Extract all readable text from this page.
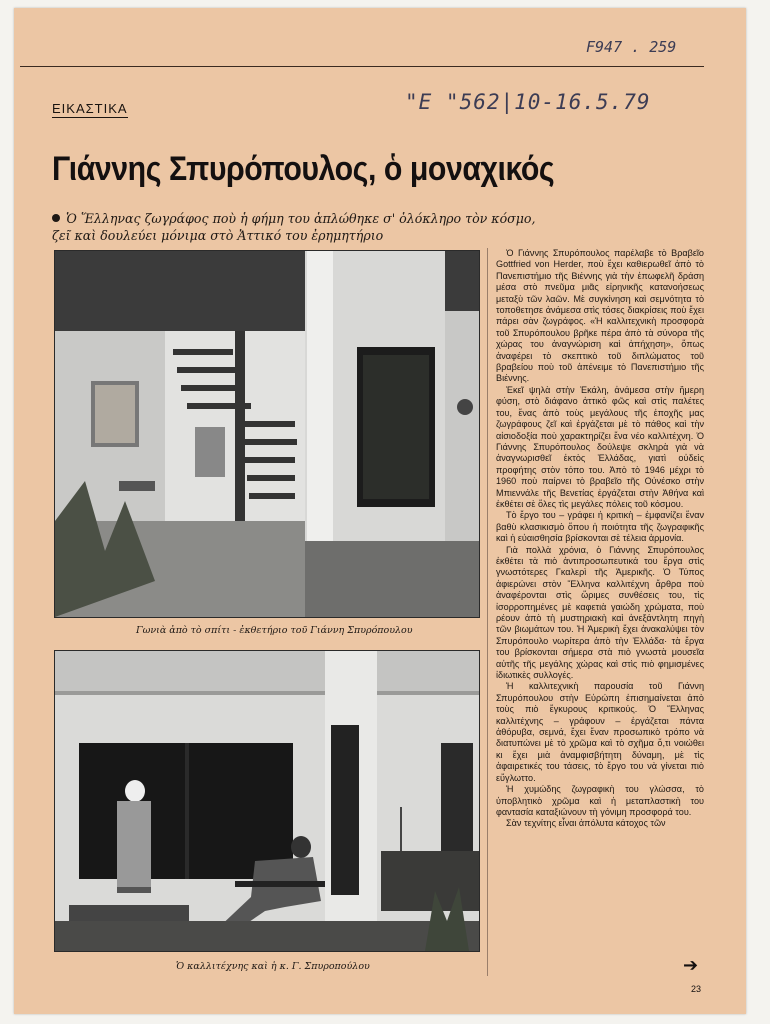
F947 . 259
"E "562|10-16.5.79
ΕΙΚΑΣΤΙΚΑ
Γιάννης Σπυρόπουλος, ὁ μοναχικός
Ὁ Ἕλληνας ζωγράφος ποὺ ἡ φήμη του ἁπλώθηκε σ' ὁλόκληρο τὸν κόσμο, ζεῖ καὶ δουλεύει μόνιμα στὸ Ἀττικό του ἐρημητήριο
Γωνιὰ ἀπὸ τὸ σπίτι - ἐκθετήριο τοῦ Γιάννη Σπυρόπουλου
Ὁ καλλιτέχνης καὶ ἡ κ. Γ. Σπυροπούλου

Ὁ Γιάννης Σπυρόπουλος παρέλαβε τὸ Βραβεῖο Gottfried von Herder, ποὺ ἔχει καθιερωθεῖ ἀπὸ τὸ Πανεπιστήμιο τῆς Βιέννης γιὰ τὴν ἐπωφελῆ δράση μέσα στὸ πνεῦμα μιᾶς εἰρηνικῆς κατανοήσεως μεταξὺ τῶν λαῶν. Μὲ συγκίνηση καὶ σεμνότητα τὸ τοποθετησε ἀνάμεσα στὶς τόσες διακρίσεις ποὺ ἔχει πάρει σὰν ζωγράφος. «Ἡ καλλιτεχνικὴ προσφορὰ τοῦ Σπυρόπουλου βρῆκε πέρα ἀπὸ τὰ σύνορα τῆς χώρας του ἀναγνώριση καὶ ἀπήχηση», ὅπως ἀναφέρει τὸ σκεπτικὸ τοῦ διπλώματος τοῦ βραβείου ποὺ τοῦ ἀπένειμε τὸ Πανεπιστήμιο τῆς Βιέννης.

Ἐκεῖ ψηλὰ στὴν Ἑκάλη, ἀνάμεσα στὴν ἥμερη φύση, στὸ διάφανο ἀττικὸ φῶς καὶ στὶς παλέτες του, ἕνας ἀπὸ τοὺς μεγάλους τῆς ἐποχῆς μας ζωγράφους ζεῖ καὶ ἐργάζεται μὲ τὸ πάθος καὶ τὴν αἰσιοδοξία ποὺ χαρακτηρίζει ἕνα νέο καλλιτέχνη. Ὁ Γιάννης Σπυρόπουλος δούλεψε σκληρὰ γιὰ νὰ ἀναγνωρισθεῖ ἐκτὸς Ἑλλάδας, γιατὶ οὐδεὶς προφήτης στὸν τόπο του. Ἀπὸ τὸ 1946 μέχρι τὸ 1960 ποὺ παίρνει τὸ βραβεῖο τῆς Οὐνέσκο στὴν Μπιεννάλε τῆς Βενετίας ἐργάζεται στὴν Ἀθήνα καὶ ἐκθέτει σὲ ὅλες τὶς μεγάλες πόλεις τοῦ κόσμου.

Τὸ ἔργο του – γράφει ἡ κριτικὴ – ἐμφανίζει ἕναν βαθὺ κλασικισμὸ ὅπου ἡ ποιότητα τῆς ζωγραφικῆς καὶ ἡ εὐαισθησία βρίσκονται σὲ τέλεια ἁρμονία.

Γιὰ πολλὰ χρόνια, ὁ Γιάννης Σπυρόπουλος ἐκθέτει τὰ πιὸ ἀντιπροσωπευτικά του ἔργα στὶς γνωστότερες Γκαλερὶ τῆς Ἀμερικῆς. Ὁ Τύπος ἀφιερώνει στὸν Ἕλληνα καλλιτέχνη ἄρθρα ποὺ ἀναφέρονται στὶς ὥριμες συνθέσεις του, τὶς ἰσορροπημένες μὲ καφετιὰ γαιώδη χρώματα, ποὺ ρέουν ἀπὸ τὴ μυστηριακὴ καὶ ἀνεξάντλητη πηγὴ τῶν βιωμάτων του. Ἡ Ἀμερικὴ ἔχει ἀνακαλύψει τὸν Σπυρόπουλο νωρίτερα ἀπὸ τὴν Ἑλλάδα· τὰ ἔργα του βρίσκονται σήμερα στὰ πιὸ γνωστὰ μουσεῖα αὐτῆς τῆς μεγάλης χώρας καὶ στὶς πιὸ φημισμένες ἰδιωτικὲς συλλογές.

Ἡ καλλιτεχνικὴ παρουσία τοῦ Γιάννη Σπυρόπουλου στὴν Εὐρώπη ἐπισημαίνεται ἀπὸ τοὺς πιὸ ἔγκυρους κριτικούς. Ὁ Ἕλληνας καλλιτέχνης – γράφουν – ἐργάζεται πάντα ἀθόρυβα, σεμνά, ἔχει ἕναν προσωπικὸ τρόπο νὰ διατυπώνει μὲ τὸ χρῶμα καὶ τὸ σχῆμα ὅ,τι νοιώθει κι ἔχει μιὰ ἀναμφισβήτητη δύναμη, μὲ τὶς ἀφαιρετικές του τάσεις, τὸ ἔργο του νὰ γίνεται πιὸ εὔγλωττο.

Ἡ χυμώδης ζωγραφικὴ του γλώσσα, τὸ ὑποβλητικὸ χρῶμα καὶ ἡ μεταπλαστικὴ του φαντασία καταξιώνουν τὴ γόνιμη προσφορά του.

Σὰν τεχνίτης εἶναι ἀπόλυτα κάτοχος τῶν

➔
23
